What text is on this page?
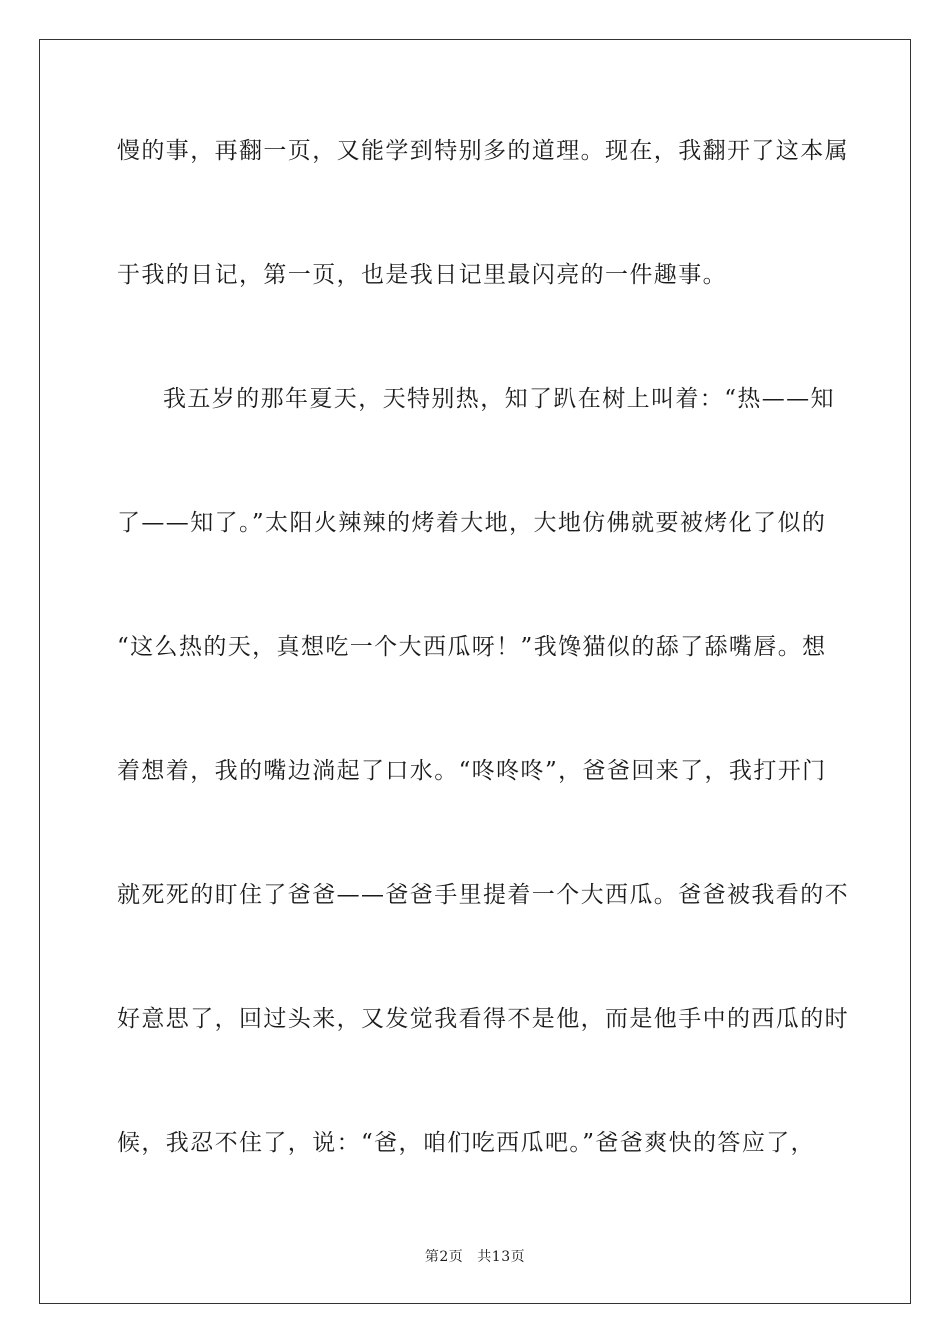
慢的事，再翻一页，又能学到特别多的道理。现在，我翻开了这本属
于我的日记，第一页，也是我日记里最闪亮的一件趣事。
我五岁的那年夏天，天特别热，知了趴在树上叫着：“热——知
了——知了。”太阳火辣辣的烤着大地，大地仿佛就要被烤化了似的
“这么热的天，真想吃一个大西瓜呀！”我馋猫似的舔了舔嘴唇。想
着想着，我的嘴边淌起了口水。“咚咚咚”，爸爸回来了，我打开门
就死死的盯住了爸爸——爸爸手里提着一个大西瓜。爸爸被我看的不
好意思了，回过头来，又发觉我看得不是他，而是他手中的西瓜的时
候，我忍不住了，说：“爸，咱们吃西瓜吧。”爸爸爽快的答应了，
第2页 共13页
